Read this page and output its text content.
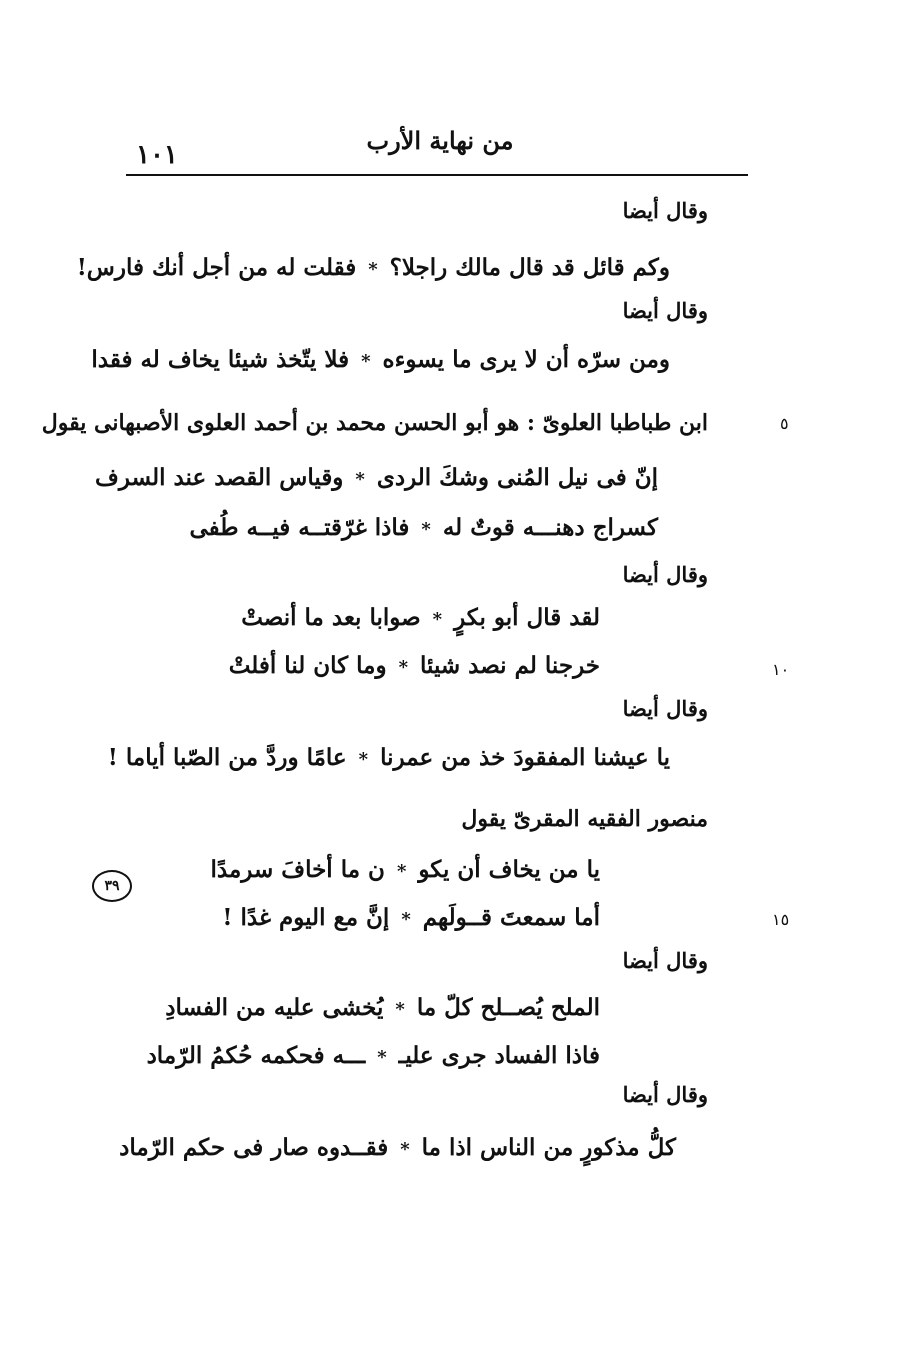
من نهاية الأرب
١٠١
وقال أيضا
وكم قائل قد قال مالك راجلا؟*فقلت له من أجل أنك فارس!
وقال أيضا
ومن سرّه أن لا يرى ما يسوءه*فلا يتّخذ شيئا يخاف له فقدا
ابن طباطبا العلوىّ : هو أبو الحسن محمد بن أحمد العلوى الأصبهانى يقول	٥
إنّ فى نيل المُنى وشكَ الردى*وقياس القصد عند السرف
كسراج دهنـــه قوتٌ له*فاذا غرّقتــه فيــه طُفى
وقال أيضا
لقد قال أبو بكرٍ*صوابا بعد ما أنصتْ
خرجنا لم نصد شيئا*وما كان لنا أفلتْ	١٠
وقال أيضا
يا عيشنا المفقودَ خذ من عمرنا*عامًا وردَّ من الصّبا أياما !
منصور الفقيه المقرىّ يقول
يا من يخاف أن يكو*ن ما أخافَ سرمدًا
٣٩
أما سمعتَ قــولَهم*إنَّ مع اليوم غدًا !	١٥
وقال أيضا
الملح يُصــلح كلّ ما*يُخشى عليه من الفسادِ
فاذا الفساد جرى عليـ*ـــه فحكمه حُكمُ الرّماد
وقال أيضا
كلُّ مذكورٍ من الناس اذا ما*فقــدوه صار فى حكم الرّماد
